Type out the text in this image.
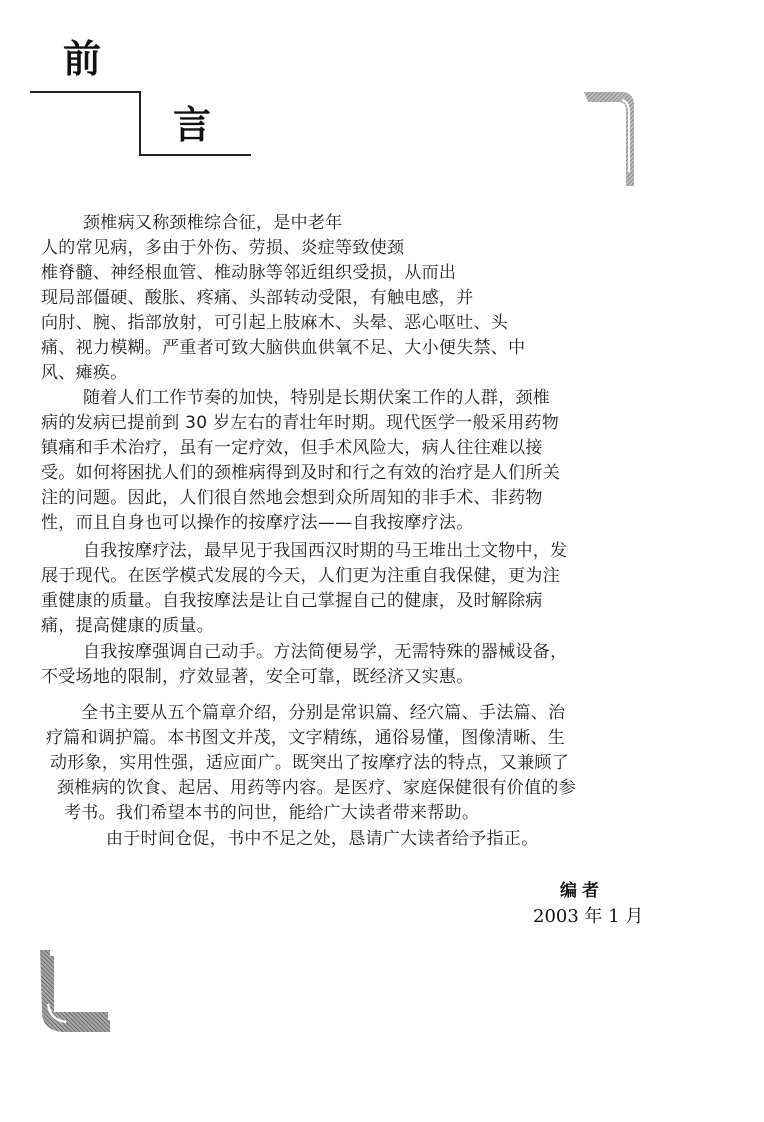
前
言
颈椎病又称颈椎综合征，是中老年
人的常见病，多由于外伤、劳损、炎症等致使颈
椎脊髓、神经根血管、椎动脉等邻近组织受损，从而出
现局部僵硬、酸胀、疼痛、头部转动受限，有触电感，并
向肘、腕、指部放射，可引起上肢麻木、头晕、恶心呕吐、头
痛、视力模糊。严重者可致大脑供血供氧不足、大小便失禁、中
风、瘫痪。
随着人们工作节奏的加快，特别是长期伏案工作的人群，颈椎
病的发病已提前到 30 岁左右的青壮年时期。现代医学一般采用药物
镇痛和手术治疗，虽有一定疗效，但手术风险大，病人往往难以接
受。如何将困扰人们的颈椎病得到及时和行之有效的治疗是人们所关
注的问题。因此，人们很自然地会想到众所周知的非手术、非药物
性，而且自身也可以操作的按摩疗法——自我按摩疗法。
自我按摩疗法，最早见于我国西汉时期的马王堆出土文物中，发
展于现代。在医学模式发展的今天，人们更为注重自我保健，更为注
重健康的质量。自我按摩法是让自己掌握自己的健康，及时解除病
痛，提高健康的质量。
自我按摩强调自己动手。方法简便易学，无需特殊的器械设备，
不受场地的限制，疗效显著，安全可靠，既经济又实惠。
全书主要从五个篇章介绍，分别是常识篇、经穴篇、手法篇、治
疗篇和调护篇。本书图文并茂，文字精练，通俗易懂，图像清晰、生
动形象，实用性强，适应面广。既突出了按摩疗法的特点，又兼顾了
颈椎病的饮食、起居、用药等内容。是医疗、家庭保健很有价值的参
考书。我们希望本书的问世，能给广大读者带来帮助。
由于时间仓促，书中不足之处，恳请广大读者给予指正。
编者
2003 年 1 月
